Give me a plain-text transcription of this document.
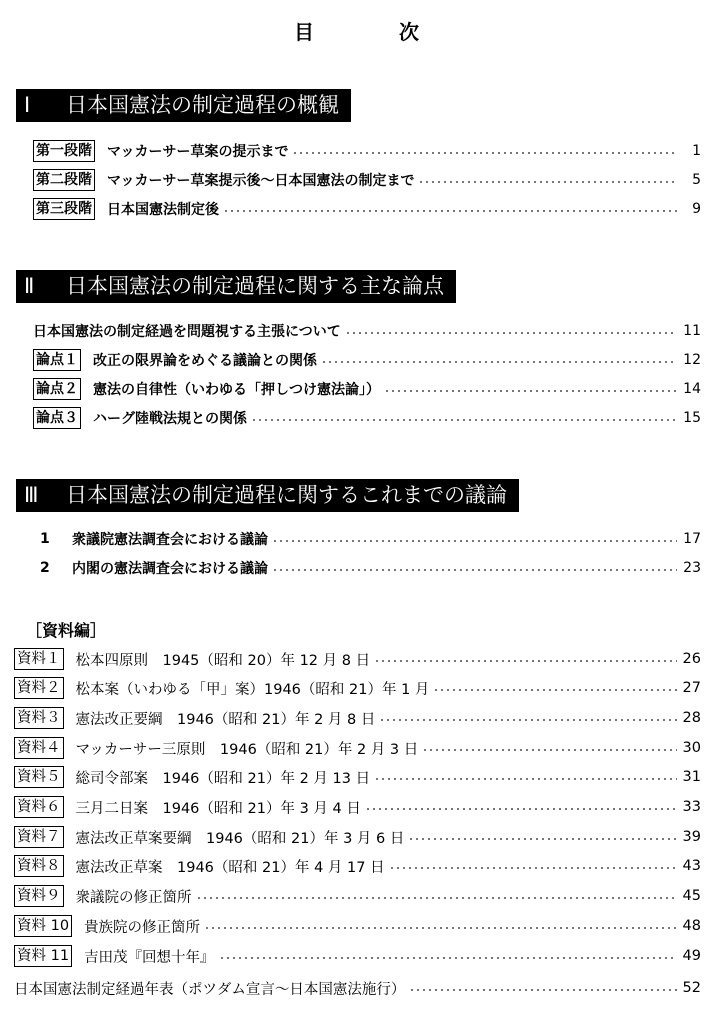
目	次
Ⅰ 日本国憲法の制定過程の概観
第一段階 マッカーサー草案の提示まで	1
第二段階 マッカーサー草案提示後～日本国憲法の制定まで	5
第三段階 日本国憲法制定後	9
Ⅱ 日本国憲法の制定過程に関する主な論点
日本国憲法の制定経過を問題視する主張について	11
論点１ 改正の限界論をめぐる議論との関係	12
論点２ 憲法の自律性（いわゆる「押しつけ憲法論」）	14
論点３ ハーグ陸戦法規との関係	15
Ⅲ 日本国憲法の制定過程に関するこれまでの議論
1	衆議院憲法調査会における議論	17
2	内閣の憲法調査会における議論	23
［資料編］
資料１ 松本四原則　1945（昭和 20）年 12 月 8 日	26
資料２ 松本案（いわゆる「甲」案）1946（昭和 21）年 1 月	27
資料３ 憲法改正要綱　1946（昭和 21）年 2 月 8 日	28
資料４ マッカーサー三原則　1946（昭和 21）年 2 月 3 日	30
資料５ 総司令部案　1946（昭和 21）年 2 月 13 日	31
資料６ 三月二日案　1946（昭和 21）年 3 月 4 日	33
資料７ 憲法改正草案要綱　1946（昭和 21）年 3 月 6 日	39
資料８ 憲法改正草案　1946（昭和 21）年 4 月 17 日	43
資料９ 衆議院の修正箇所	45
資料 10 貴族院の修正箇所	48
資料 11 吉田茂『回想十年』	49
日本国憲法制定経過年表（ポツダム宣言～日本国憲法施行）	52
